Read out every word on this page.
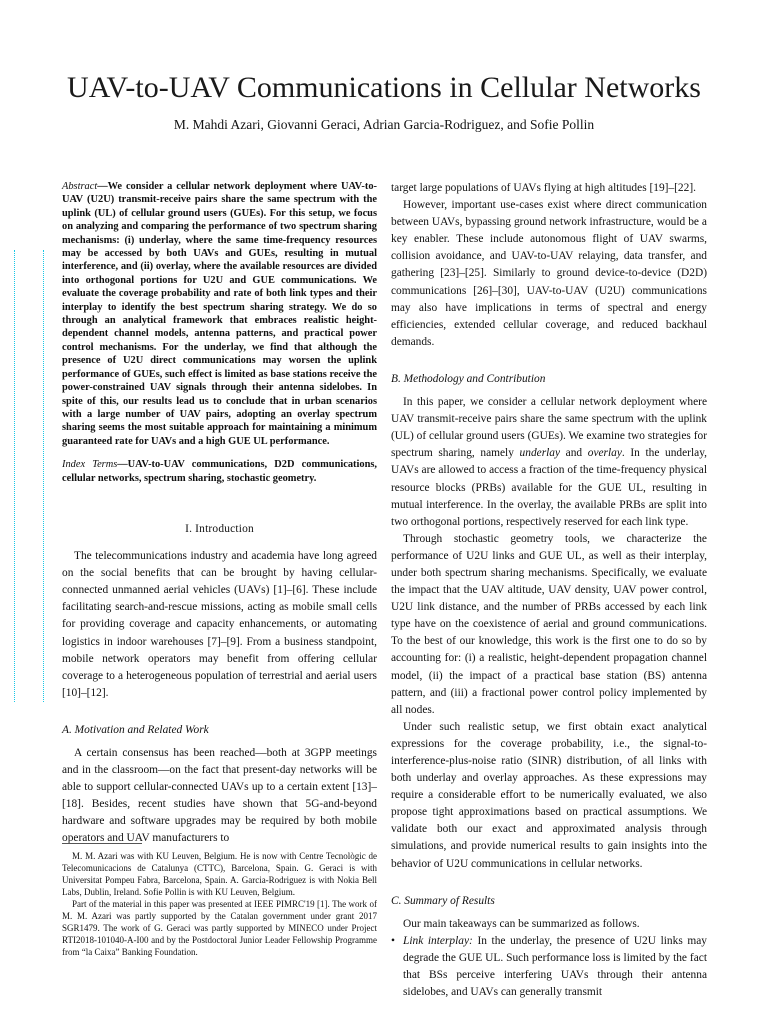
UAV-to-UAV Communications in Cellular Networks
M. Mahdi Azari, Giovanni Geraci, Adrian Garcia-Rodriguez, and Sofie Pollin

Abstract—We consider a cellular network deployment where UAV-to-UAV (U2U) transmit-receive pairs share the same spectrum with the uplink (UL) of cellular ground users (GUEs). For this setup, we focus on analyzing and comparing the performance of two spectrum sharing mechanisms: (i) underlay, where the same time-frequency resources may be accessed by both UAVs and GUEs, resulting in mutual interference, and (ii) overlay, where the available resources are divided into orthogonal portions for U2U and GUE communications. We evaluate the coverage probability and rate of both link types and their interplay to identify the best spectrum sharing strategy. We do so through an analytical framework that embraces realistic height-dependent channel models, antenna patterns, and practical power control mechanisms. For the underlay, we find that although the presence of U2U direct communications may worsen the uplink performance of GUEs, such effect is limited as base stations receive the power-constrained UAV signals through their antenna sidelobes. In spite of this, our results lead us to conclude that in urban scenarios with a large number of UAV pairs, adopting an overlay spectrum sharing seems the most suitable approach for maintaining a minimum guaranteed rate for UAVs and a high GUE UL performance.

Index Terms—UAV-to-UAV communications, D2D communications, cellular networks, spectrum sharing, stochastic geometry.

I. Introduction

The telecommunications industry and academia have long agreed on the social benefits that can be brought by having cellular-connected unmanned aerial vehicles (UAVs) [1]–[6]. These include facilitating search-and-rescue missions, acting as mobile small cells for providing coverage and capacity enhancements, or automating logistics in indoor warehouses [7]–[9]. From a business standpoint, mobile network operators may benefit from offering cellular coverage to a heterogeneous population of terrestrial and aerial users [10]–[12].

A. Motivation and Related Work

A certain consensus has been reached—both at 3GPP meetings and in the classroom—on the fact that present-day networks will be able to support cellular-connected UAVs up to a certain extent [13]–[18]. Besides, recent studies have shown that 5G-and-beyond hardware and software upgrades may be required by both mobile operators and UAV manufacturers to

M. M. Azari was with KU Leuven, Belgium. He is now with Centre Tecnològic de Telecomunicacions de Catalunya (CTTC), Barcelona, Spain. G. Geraci is with Universitat Pompeu Fabra, Barcelona, Spain. A. Garcia-Rodriguez is with Nokia Bell Labs, Dublin, Ireland. Sofie Pollin is with KU Leuven, Belgium.

Part of the material in this paper was presented at IEEE PIMRC'19 [1]. The work of M. M. Azari was partly supported by the Catalan government under grant 2017 SGR1479. The work of G. Geraci was partly supported by MINECO under Project RTI2018-101040-A-I00 and by the Postdoctoral Junior Leader Fellowship Programme from “la Caixa” Banking Foundation.

target large populations of UAVs flying at high altitudes [19]–[22].

However, important use-cases exist where direct communication between UAVs, bypassing ground network infrastructure, would be a key enabler. These include autonomous flight of UAV swarms, collision avoidance, and UAV-to-UAV relaying, data transfer, and gathering [23]–[25]. Similarly to ground device-to-device (D2D) communications [26]–[30], UAV-to-UAV (U2U) communications may also have implications in terms of spectral and energy efficiencies, extended cellular coverage, and reduced backhaul demands.

B. Methodology and Contribution

In this paper, we consider a cellular network deployment where UAV transmit-receive pairs share the same spectrum with the uplink (UL) of cellular ground users (GUEs). We examine two strategies for spectrum sharing, namely underlay and overlay. In the underlay, UAVs are allowed to access a fraction of the time-frequency physical resource blocks (PRBs) available for the GUE UL, resulting in mutual interference. In the overlay, the available PRBs are split into two orthogonal portions, respectively reserved for each link type.

Through stochastic geometry tools, we characterize the performance of U2U links and GUE UL, as well as their interplay, under both spectrum sharing mechanisms. Specifically, we evaluate the impact that the UAV altitude, UAV density, UAV power control, U2U link distance, and the number of PRBs accessed by each link type have on the coexistence of aerial and ground communications. To the best of our knowledge, this work is the first one to do so by accounting for: (i) a realistic, height-dependent propagation channel model, (ii) the impact of a practical base station (BS) antenna pattern, and (iii) a fractional power control policy implemented by all nodes.

Under such realistic setup, we first obtain exact analytical expressions for the coverage probability, i.e., the signal-to-interference-plus-noise ratio (SINR) distribution, of all links with both underlay and overlay approaches. As these expressions may require a considerable effort to be numerically evaluated, we also propose tight approximations based on practical assumptions. We validate both our exact and approximated analysis through simulations, and provide numerical results to gain insights into the behavior of U2U communications in cellular networks.

C. Summary of Results

Our main takeaways can be summarized as follows.

• Link interplay: In the underlay, the presence of U2U links may degrade the GUE UL. Such performance loss is limited by the fact that BSs perceive interfering UAVs through their antenna sidelobes, and UAVs can generally transmit
